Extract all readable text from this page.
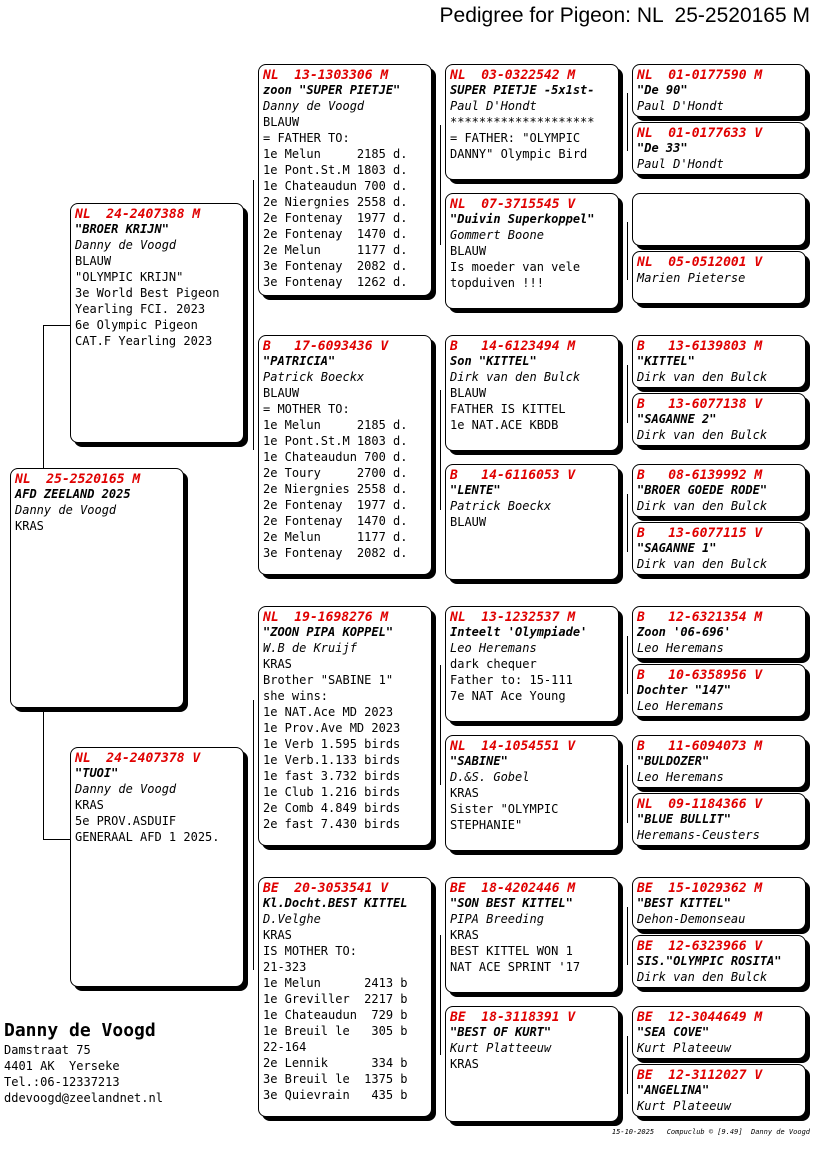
Pedigree for Pigeon: NL  25-2520165 M
NL  25-2520165 M
AFD ZEELAND 2025
Danny de Voogd
KRAS
NL  24-2407388 M
"BROER KRIJN"
Danny de Voogd
BLAUW
"OLYMPIC KRIJN"
3e World Best Pigeon
Yearling FCI. 2023
6e Olympic Pigeon
CAT.F Yearling 2023
NL  24-2407378 V
"TUOI"
Danny de Voogd
KRAS
5e PROV.ASDUIF
GENERAAL AFD 1 2025.
NL  13-1303306 M
zoon "SUPER PIETJE"
Danny de Voogd
BLAUW
= FATHER TO:
1e Melun     2185 d.
1e Pont.St.M 1803 d.
1e Chateaudun 700 d.
2e Niergnies 2558 d.
2e Fontenay  1977 d.
2e Fontenay  1470 d.
2e Melun     1177 d.
3e Fontenay  2082 d.
3e Fontenay  1262 d.
B   17-6093436 V
"PATRICIA"
Patrick Boeckx
BLAUW
= MOTHER TO:
1e Melun     2185 d.
1e Pont.St.M 1803 d.
1e Chateaudun 700 d.
2e Toury     2700 d.
2e Niergnies 2558 d.
2e Fontenay  1977 d.
2e Fontenay  1470 d.
2e Melun     1177 d.
3e Fontenay  2082 d.
NL  19-1698276 M
"ZOON PIPA KOPPEL"
W.B de Kruijf
KRAS
Brother "SABINE 1"
she wins:
1e NAT.Ace MD 2023
1e Prov.Ave MD 2023
1e Verb 1.595 birds
1e Verb.1.133 birds
1e fast 3.732 birds
1e Club 1.216 birds
2e Comb 4.849 birds
2e fast 7.430 birds
BE  20-3053541 V
Kl.Docht.BEST KITTEL
D.Velghe
KRAS
IS MOTHER TO:
21-323
1e Melun      2413 b
1e Greviller  2217 b
1e Chateaudun  729 b
1e Breuil le   305 b
22-164
2e Lennik      334 b
3e Breuil le  1375 b
3e Quievrain   435 b
NL  03-0322542 M
SUPER PIETJE -5x1st-
Paul D'Hondt
********************
= FATHER: "OLYMPIC
DANNY" Olympic Bird
NL  07-3715545 V
"Duivin Superkoppel"
Gommert Boone
BLAUW
Is moeder van vele
topduiven !!!
B   14-6123494 M
Son "KITTEL"
Dirk van den Bulck
BLAUW
FATHER IS KITTEL
1e NAT.ACE KBDB
B   14-6116053 V
"LENTE"
Patrick Boeckx
BLAUW
NL  13-1232537 M
Inteelt 'Olympiade'
Leo Heremans
dark chequer
Father to: 15-111
7e NAT Ace Young
NL  14-1054551 V
"SABINE"
D.&S. Gobel
KRAS
Sister "OLYMPIC
STEPHANIE"
BE  18-4202446 M
"SON BEST KITTEL"
PIPA Breeding
KRAS
BEST KITTEL WON 1
NAT ACE SPRINT '17
BE  18-3118391 V
"BEST OF KURT"
Kurt Platteeuw
KRAS
NL  01-0177590 M
"De 90"
Paul D'Hondt
NL  01-0177633 V
"De 33"
Paul D'Hondt
NL  05-0512001 V
Marien Pieterse
B   13-6139803 M
"KITTEL"
Dirk van den Bulck
B   13-6077138 V
"SAGANNE 2"
Dirk van den Bulck
B   08-6139992 M
"BROER GOEDE RODE"
Dirk van den Bulck
B   13-6077115 V
"SAGANNE 1"
Dirk van den Bulck
B   12-6321354 M
Zoon '06-696'
Leo Heremans
B   10-6358956 V
Dochter "147"
Leo Heremans
B   11-6094073 M
"BULDOZER"
Leo Heremans
NL  09-1184366 V
"BLUE BULLIT"
Heremans-Ceusters
BE  15-1029362 M
"BEST KITTEL"
Dehon-Demonseau
BE  12-6323966 V
SIS."OLYMPIC ROSITA"
Dirk van den Bulck
BE  12-3044649 M
"SEA COVE"
Kurt Plateeuw
BE  12-3112027 V
"ANGELINA"
Kurt Plateeuw
Danny de Voogd
Damstraat 75
4401 AK  Yerseke
Tel.:06-12337213
ddevoogd@zeelandnet.nl
15-10-2025   Compuclub © [9.49]  Danny de Voogd
